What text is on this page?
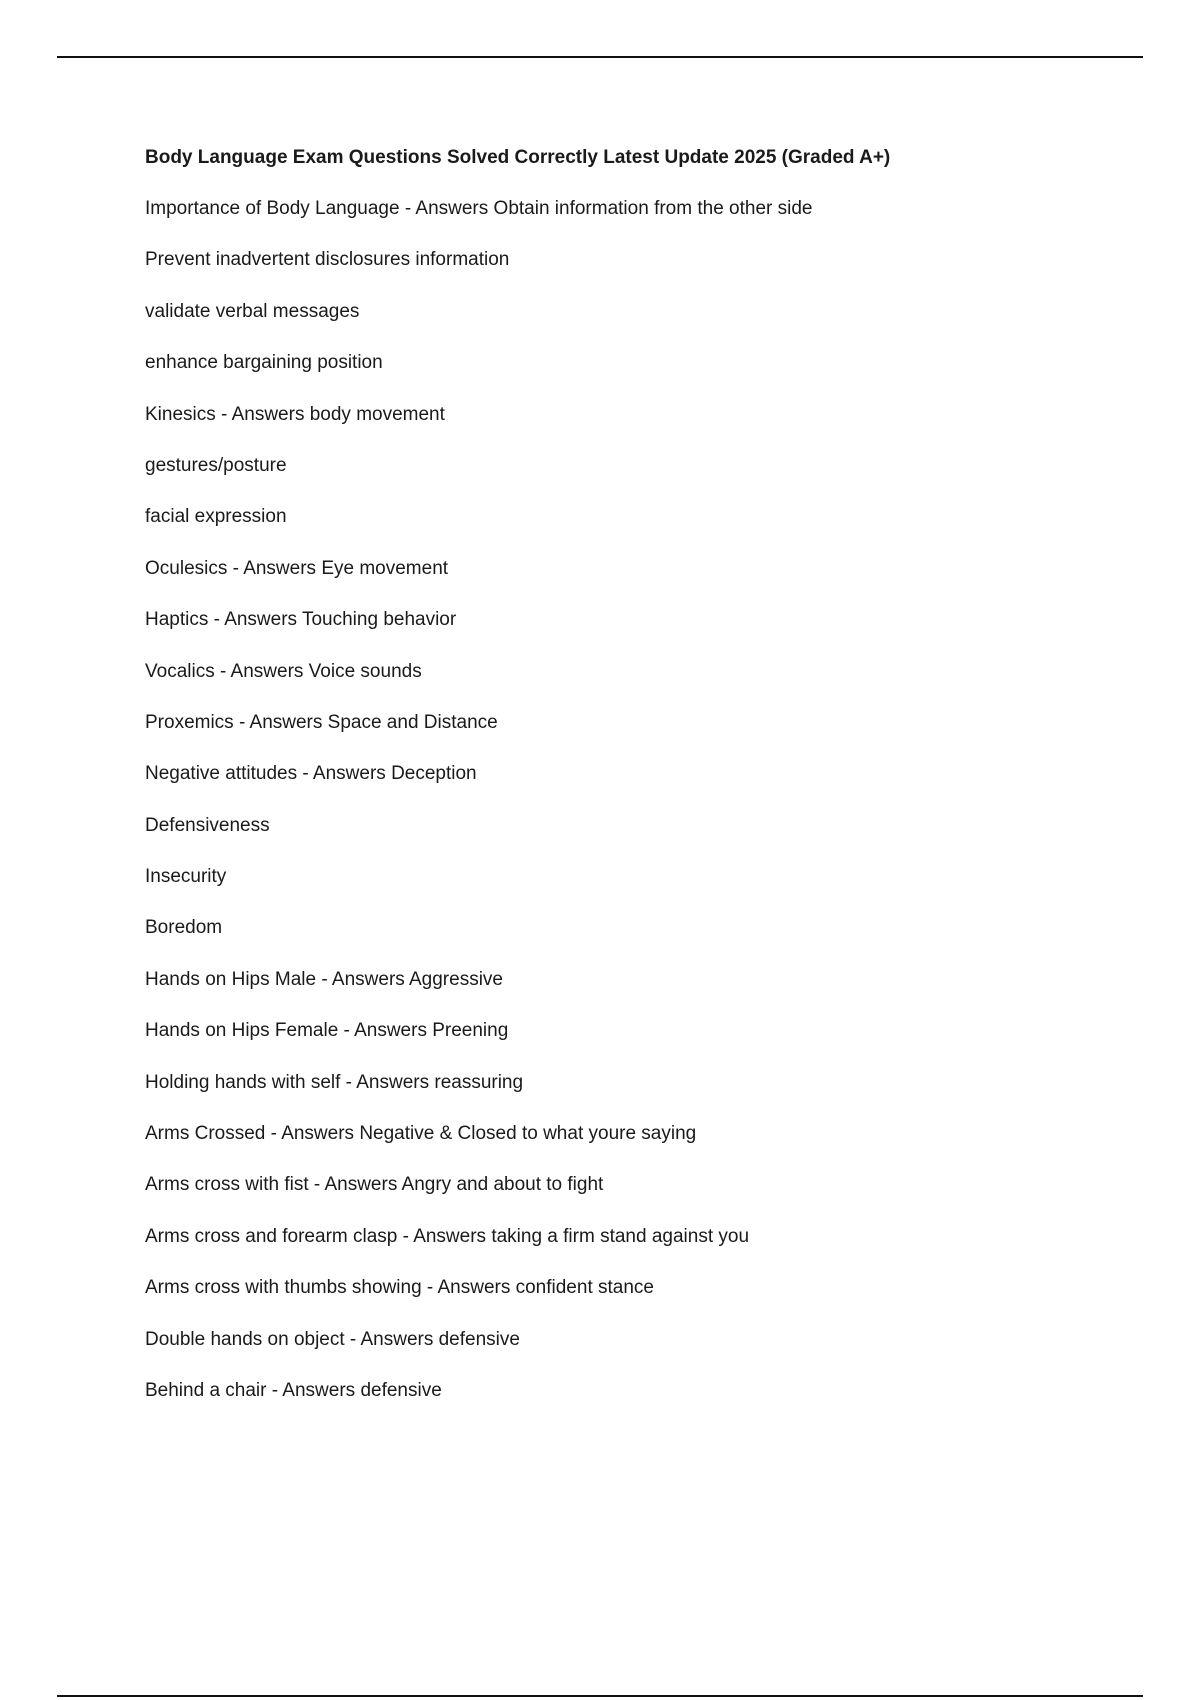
Body Language Exam Questions Solved Correctly Latest Update 2025 (Graded A+)
Importance of Body Language - Answers Obtain information from the other side
Prevent inadvertent disclosures information
validate verbal messages
enhance bargaining position
Kinesics - Answers body movement
gestures/posture
facial expression
Oculesics - Answers Eye movement
Haptics - Answers Touching behavior
Vocalics - Answers Voice sounds
Proxemics - Answers Space and Distance
Negative attitudes - Answers Deception
Defensiveness
Insecurity
Boredom
Hands on Hips Male - Answers Aggressive
Hands on Hips Female - Answers Preening
Holding hands with self - Answers reassuring
Arms Crossed - Answers Negative & Closed to what youre saying
Arms cross with fist - Answers Angry and about to fight
Arms cross and forearm clasp - Answers taking a firm stand against you
Arms cross with thumbs showing - Answers confident stance
Double hands on object - Answers defensive
Behind a chair - Answers defensive
